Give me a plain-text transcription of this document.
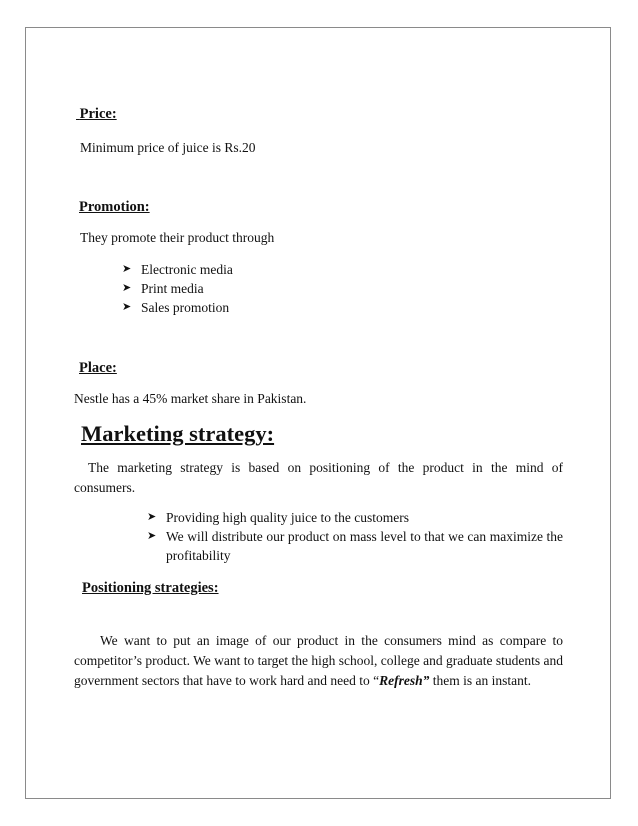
Price:

Minimum price of juice is Rs.20

Promotion:

They promote their product through

➤ Electronic media
➤ Print media
➤ Sales promotion

Place:

Nestle has a 45% market share in Pakistan.

Marketing strategy:

The marketing strategy is based on positioning of the product in the mind of consumers.

➤ Providing high quality juice to the customers
➤ We will distribute our product on mass level to that we can maximize the profitability

Positioning strategies:

We want to put an image of our product in the consumers mind as compare to competitor’s product. We want to target the high school, college and graduate students and government sectors that have to work hard and need to “Refresh” them is an instant.
